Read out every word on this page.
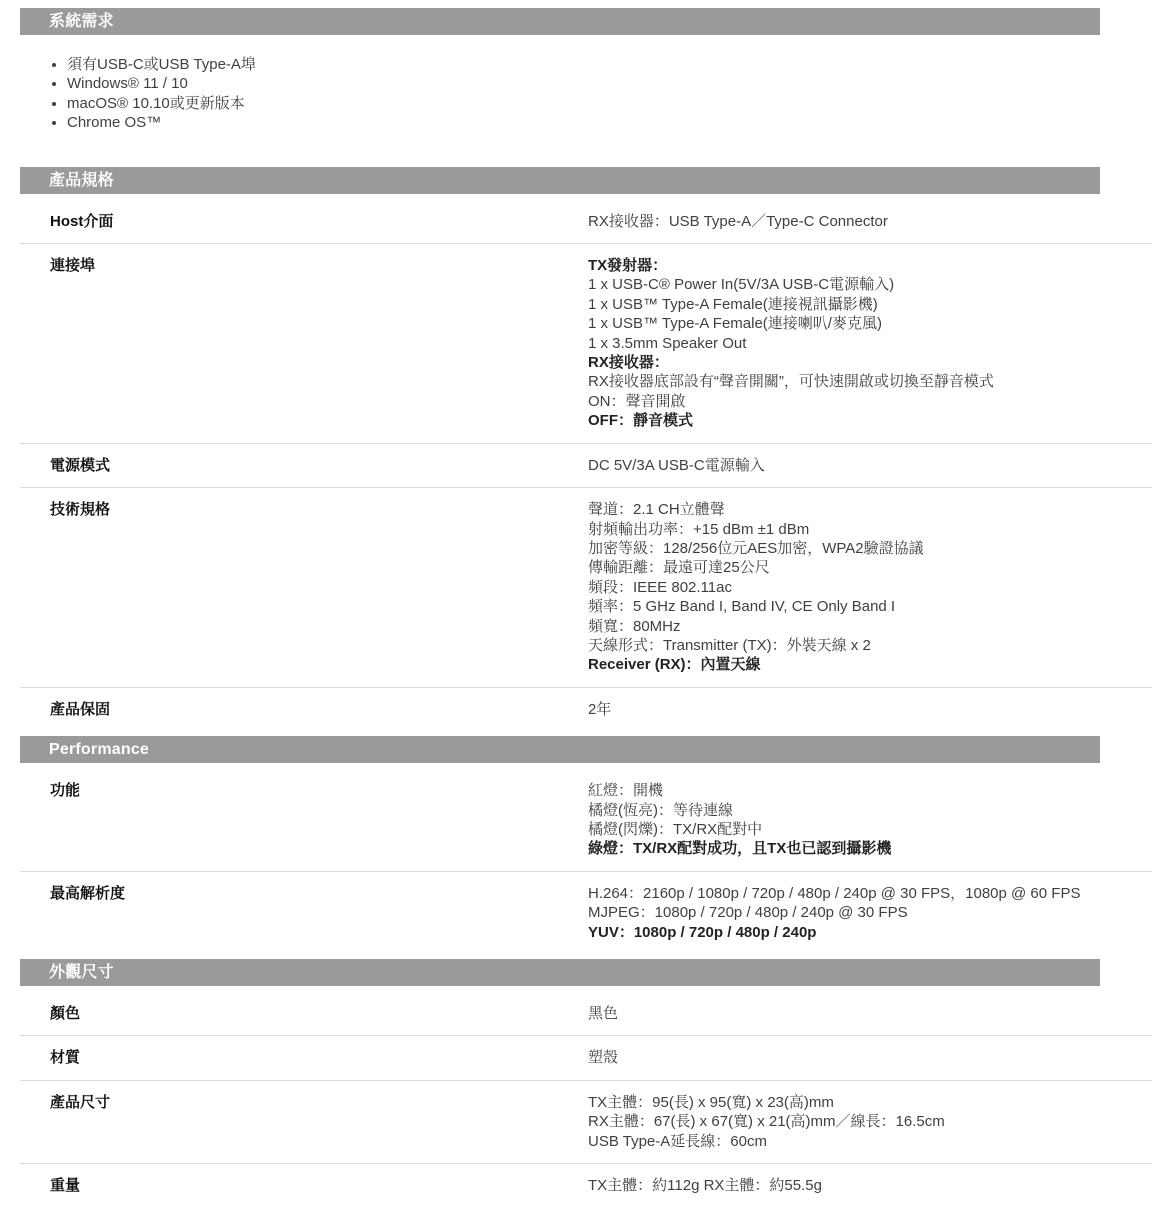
系統需求
• 須有USB-C或USB Type-A埠
• Windows® 11 / 10
• macOS® 10.10或更新版本
• Chrome OS™
產品規格
Host介面	RX接收器：USB Type-A／Type-C Connector
連接埠	TX發射器：
1 x USB-C® Power In(5V/3A USB-C電源輸入)
1 x USB™ Type-A Female(連接視訊攝影機)
1 x USB™ Type-A Female(連接喇叭/麥克風)
1 x 3.5mm Speaker Out
RX接收器：
RX接收器底部設有“聲音開關”，可快速開啟或切換至靜音模式
ON：聲音開啟
OFF：靜音模式
電源模式	DC 5V/3A USB-C電源輸入
技術規格	聲道：2.1 CH立體聲
射頻輸出功率：+15 dBm ±1 dBm
加密等級：128/256位元AES加密，WPA2驗證協議
傳輸距離：最遠可達25公尺
頻段：IEEE 802.11ac
頻率：5 GHz Band I, Band IV, CE Only Band I
頻寬：80MHz
天線形式：Transmitter (TX)：外裝天線 x 2
Receiver (RX)：內置天線
產品保固	2年
Performance
功能	紅燈：開機
橘燈(恆亮)：等待連線
橘燈(閃爍)：TX/RX配對中
綠燈：TX/RX配對成功，且TX也已認到攝影機
最高解析度	H.264：2160p / 1080p / 720p / 480p / 240p @ 30 FPS，1080p @ 60 FPS
MJPEG：1080p / 720p / 480p / 240p @ 30 FPS
YUV：1080p / 720p / 480p / 240p
外觀尺寸
顏色	黑色
材質	塑殼
產品尺寸	TX主體：95(長) x 95(寬) x 23(高)mm
RX主體：67(長) x 67(寬) x 21(高)mm／線長：16.5cm
USB Type-A延長線：60cm
重量	TX主體：約112g RX主體：約55.5g
